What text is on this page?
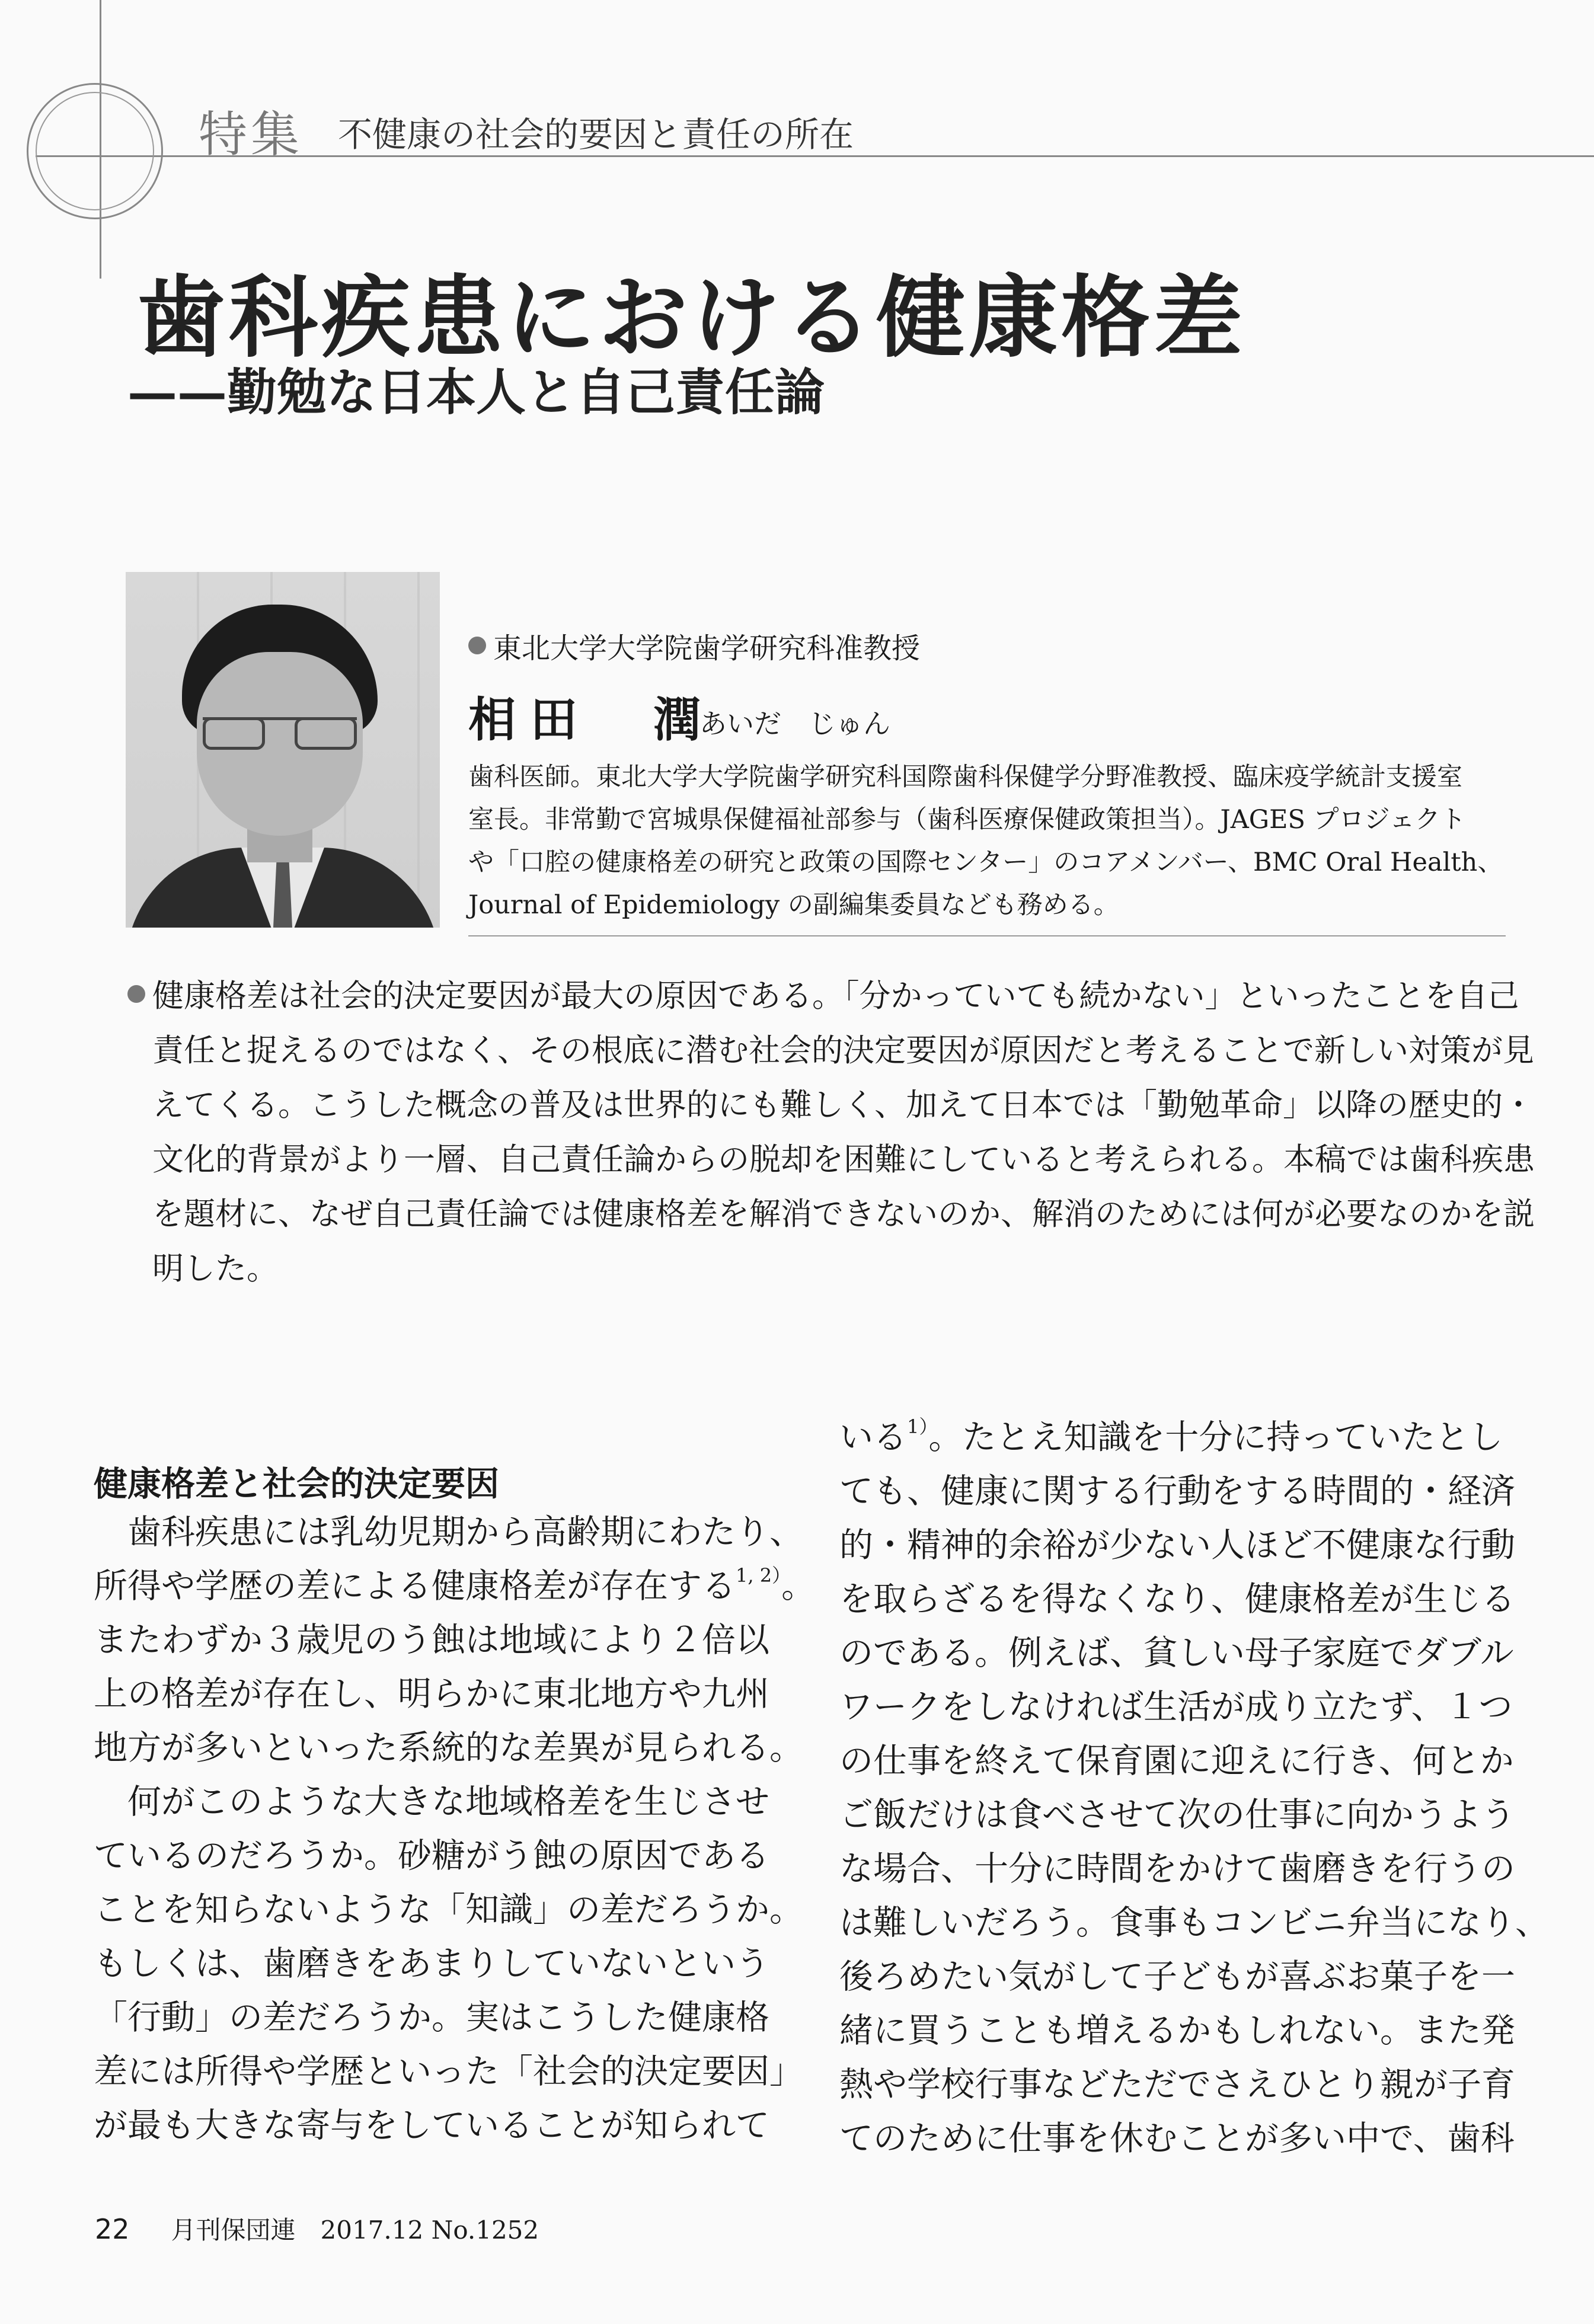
特集 不健康の社会的要因と責任の所在
歯科疾患における健康格差
——勤勉な日本人と自己責任論
東北大学大学院歯学研究科准教授
相田　潤
あいだ　じゅん

歯科医師。東北大学大学院歯学研究科国際歯科保健学分野准教授、臨床疫学統計支援室

室長。非常勤で宮城県保健福祉部参与（歯科医療保健政策担当）。JAGES プロジェクト

や「口腔の健康格差の研究と政策の国際センター」のコアメンバー、BMC Oral Health、

Journal of Epidemiology の副編集委員なども務める。

健康格差は社会的決定要因が最大の原因である。「分かっていても続かない」といったことを自己

責任と捉えるのではなく、その根底に潜む社会的決定要因が原因だと考えることで新しい対策が見

えてくる。こうした概念の普及は世界的にも難しく、加えて日本では「勤勉革命」以降の歴史的・

文化的背景がより一層、自己責任論からの脱却を困難にしていると考えられる。本稿では歯科疾患

を題材に、なぜ自己責任論では健康格差を解消できないのか、解消のためには何が必要なのかを説

明した。

健康格差と社会的決定要因

　歯科疾患には乳幼児期から高齢期にわたり、

所得や学歴の差による健康格差が存在する$^{1, 2)}$。

またわずか３歳児のう蝕は地域により２倍以

上の格差が存在し、明らかに東北地方や九州

地方が多いといった系統的な差異が見られる。

　何がこのような大きな地域格差を生じさせ

ているのだろうか。砂糖がう蝕の原因である

ことを知らないような「知識」の差だろうか。

もしくは、歯磨きをあまりしていないという

「行動」の差だろうか。実はこうした健康格

差には所得や学歴といった「社会的決定要因」

が最も大きな寄与をしていることが知られて

いる$^{1)}$。たとえ知識を十分に持っていたとし

ても、健康に関する行動をする時間的・経済

的・精神的余裕が少ない人ほど不健康な行動

を取らざるを得なくなり、健康格差が生じる

のである。例えば、貧しい母子家庭でダブル

ワークをしなければ生活が成り立たず、１つ

の仕事を終えて保育園に迎えに行き、何とか

ご飯だけは食べさせて次の仕事に向かうよう

な場合、十分に時間をかけて歯磨きを行うの

は難しいだろう。食事もコンビニ弁当になり、

後ろめたい気がして子どもが喜ぶお菓子を一

緒に買うことも増えるかもしれない。また発

熱や学校行事などただでさえひとり親が子育

てのために仕事を休むことが多い中で、歯科

22 月刊保団連　2017.12 No.1252
